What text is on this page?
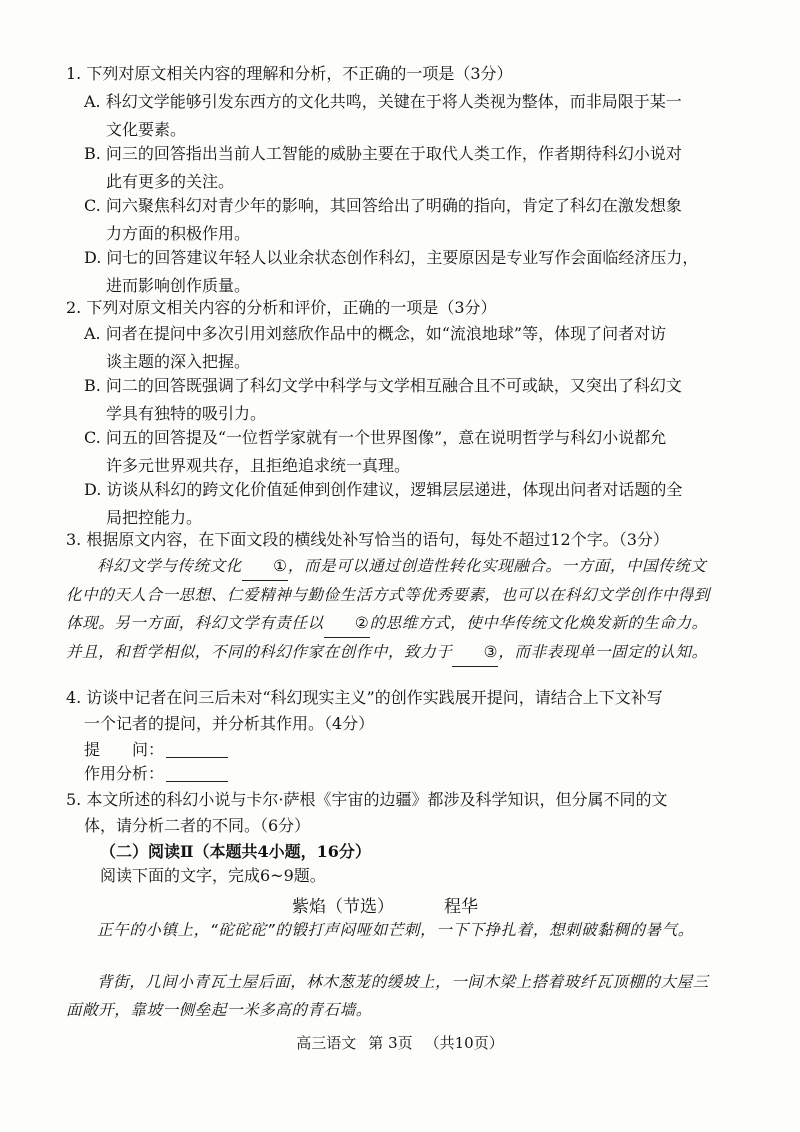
1. 下列对原文相关内容的理解和分析，不正确的一项是（3分）
A. 科幻文学能够引发东西方的文化共鸣，关键在于将人类视为整体，而非局限于某一
文化要素。
B. 问三的回答指出当前人工智能的威胁主要在于取代人类工作，作者期待科幻小说对
此有更多的关注。
C. 问六聚焦科幻对青少年的影响，其回答给出了明确的指向，肯定了科幻在激发想象
力方面的积极作用。
D. 问七的回答建议年轻人以业余状态创作科幻，主要原因是专业写作会面临经济压力，
进而影响创作质量。
2. 下列对原文相关内容的分析和评价，正确的一项是（3分）
A. 问者在提问中多次引用刘慈欣作品中的概念，如“流浪地球”等，体现了问者对访
谈主题的深入把握。
B. 问二的回答既强调了科幻文学中科学与文学相互融合且不可或缺，又突出了科幻文
学具有独特的吸引力。
C. 问五的回答提及“一位哲学家就有一个世界图像”，意在说明哲学与科幻小说都允
许多元世界观共存，且拒绝追求统一真理。
D. 访谈从科幻的跨文化价值延伸到创作建议，逻辑层层递进，体现出问者对话题的全
局把控能力。
3. 根据原文内容，在下面文段的横线处补写恰当的语句，每处不超过12个字。（3分）
科幻文学与传统文化 ①，而是可以通过创造性转化实现融合。一方面，中国传统文化中的天人合一思想、仁爱精神与勤俭生活方式等优秀要素，也可以在科幻文学创作中得到体现。另一方面，科幻文学有责任以 ②的思维方式，使中华传统文化焕发新的生命力。并且，和哲学相似，不同的科幻作家在创作中，致力于 ③，而非表现单一固定的认知。
4. 访谈中记者在问三后未对“科幻现实主义”的创作实践展开提问，请结合上下文补写
一个记者的提问，并分析其作用。（4分）
提　　问：
作用分析：
5. 本文所述的科幻小说与卡尔·萨根《宇宙的边疆》都涉及科学知识，但分属不同的文
体，请分析二者的不同。（6分）
（二）阅读Ⅱ（本题共4小题，16分）
阅读下面的文字，完成6~9题。
紫焰（节选）	程华
正午的小镇上，“砣砣砣”的锻打声闷哑如芒刺，一下下挣扎着，想刺破黏稠的暑气。
背街，几间小青瓦土屋后面，林木葱茏的缓坡上，一间木梁上搭着玻纤瓦顶棚的大屋三面敞开，靠坡一侧垒起一米多高的青石墙。
高三语文 第 3页 （共10页）
